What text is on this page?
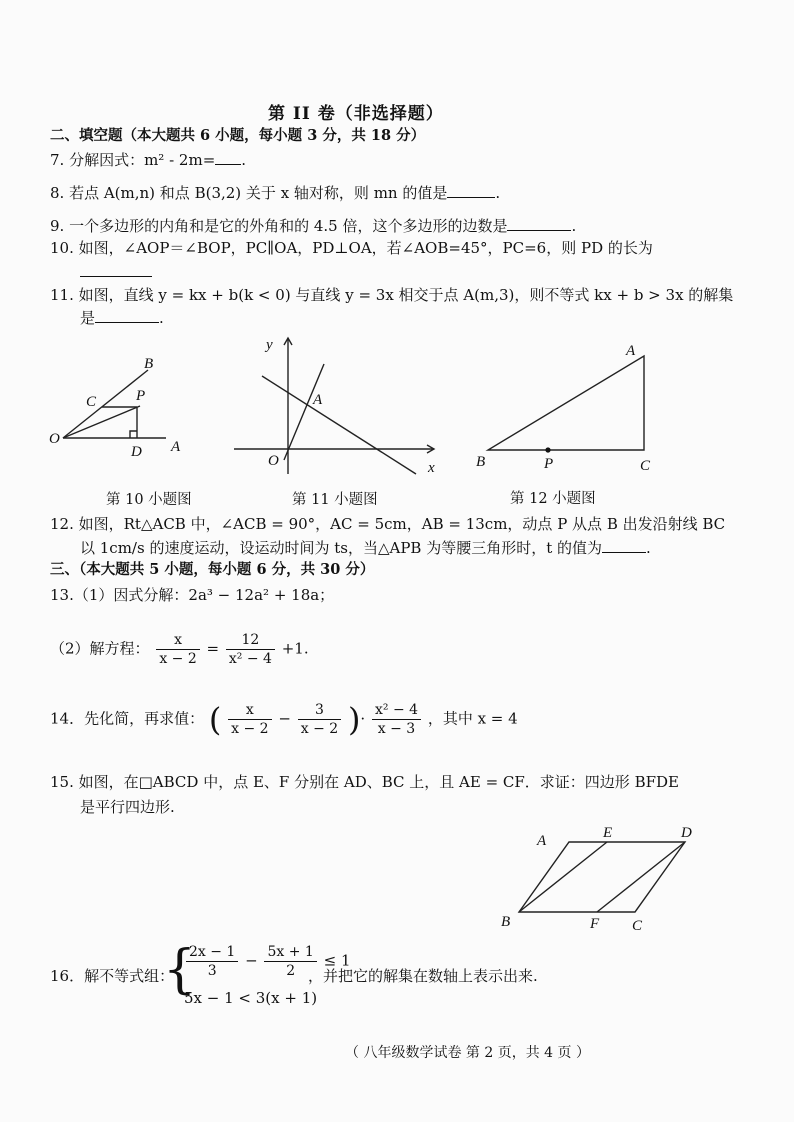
第 II 卷（非选择题）
二、填空题（本大题共 6 小题，每小题 3 分，共 18 分）
7. 分解因式：m² - 2m= .
8. 若点 A(m,n) 和点 B(3,2) 关于 x 轴对称，则 mn 的值是	.
9. 一个多边形的内角和是它的外角和的 4.5 倍，这个多边形的边数是	.
10. 如图，∠AOP＝∠BOP，PC∥OA，PD⊥OA，若∠AOB=45°，PC=6，则 PD 的长为
11. 如图，直线 y = kx + b(k < 0) 与直线 y = 3x 相交于点 A(m,3)，则不等式 kx + b > 3x 的解集
是	.
B
C	P
O
D A
y
A
O	x
A
B	P	C
第 10 小题图	第 11 小题图	第 12 小题图
12. 如图，Rt△ACB 中，∠ACB = 90°，AC = 5cm，AB = 13cm，动点 P 从点 B 出发沿射线 BC
以 1cm/s 的速度运动，设运动时间为 ts，当△APB 为等腰三角形时，t 的值为	.
三、（本大题共 5 小题，每小题 6 分，共 30 分）
13.（1）因式分解：2a³ − 12a² + 18a；
（2）解方程： $\frac{x}{x - 2} = \frac{12}{\text{x² − 4}} +1$.
14．先化简，再求值： ( $\frac{x}{x - 2} - \frac{3}{x - 2}$ )· $\frac{\text{x² − 4}}{x - 3}$ ，其中 x = 4
15. 如图，在□ABCD 中，点 E、F 分别在 AD、BC 上，且 AE = CF．求证：四边形 BFDE
是平行四边形.
A	E	D
B	F C
16．解不等式组：
{
$\frac{2x - 1}{3} - \frac{5x + 1}{2} \le 1$
5x − 1 < 3(x + 1)
，并把它的解集在数轴上表示出来.
（ 八年级数学试卷 第 2 页，共 4 页 ）
